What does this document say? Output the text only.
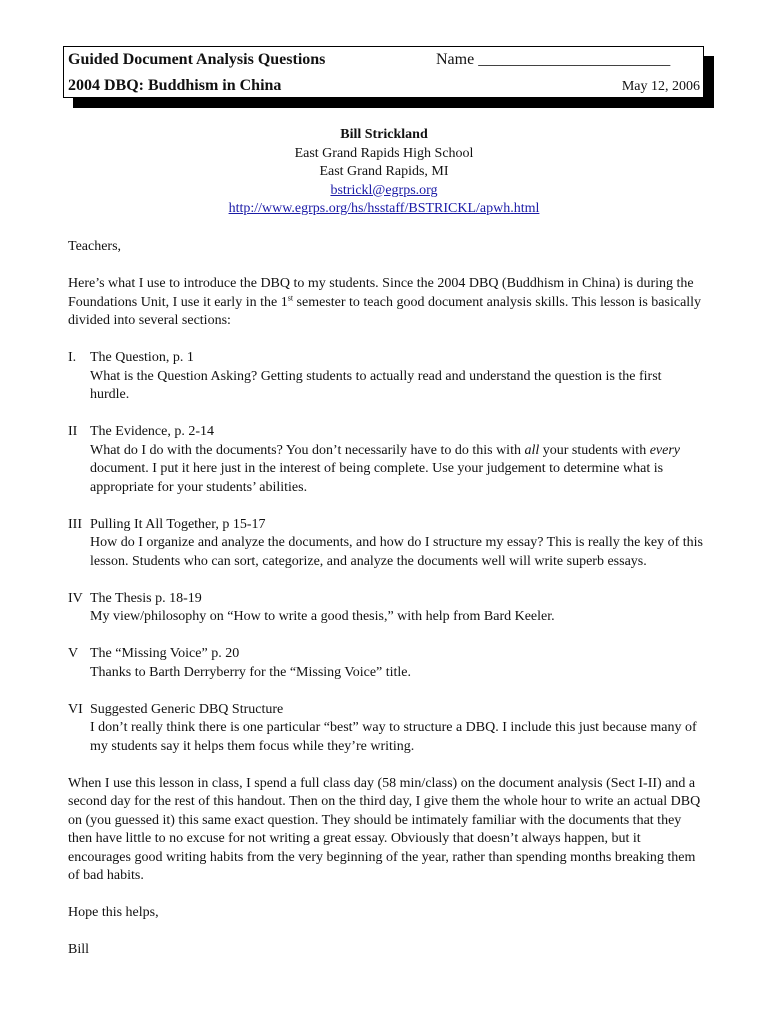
Guided Document Analysis Questions
2004 DBQ: Buddhism in China
Name ________________________
May 12, 2006
Bill Strickland
East Grand Rapids High School
East Grand Rapids, MI
bstrickl@egrps.org
http://www.egrps.org/hs/hsstaff/BSTRICKL/apwh.html

Teachers,

Here’s what I use to introduce the DBQ to my students. Since the 2004 DBQ (Buddhism in China) is during the Foundations Unit, I use it early in the 1st semester to teach good document analysis skills. This lesson is basically divided into several sections:

I. The Question, p. 1
What is the Question Asking? Getting students to actually read and understand the question is the first hurdle.
II The Evidence, p. 2-14
What do I do with the documents? You don’t necessarily have to do this with all your students with every document. I put it here just in the interest of being complete. Use your judgement to determine what is appropriate for your students’ abilities.
III Pulling It All Together, p 15-17
How do I organize and analyze the documents, and how do I structure my essay? This is really the key of this lesson. Students who can sort, categorize, and analyze the documents well will write superb essays.
IV The Thesis p. 18-19
My view/philosophy on “How to write a good thesis,” with help from Bard Keeler.
V The “Missing Voice” p. 20
Thanks to Barth Derryberry for the “Missing Voice” title.
VI Suggested Generic DBQ Structure
I don’t really think there is one particular “best” way to structure a DBQ. I include this just because many of my students say it helps them focus while they’re writing.

When I use this lesson in class, I spend a full class day (58 min/class) on the document analysis (Sect I-II) and a second day for the rest of this handout. Then on the third day, I give them the whole hour to write an actual DBQ on (you guessed it) this same exact question. They should be intimately familiar with the documents that they then have little to no excuse for not writing a great essay. Obviously that doesn’t always happen, but it encourages good writing habits from the very beginning of the year, rather than spending months breaking them of bad habits.

Hope this helps,

Bill
